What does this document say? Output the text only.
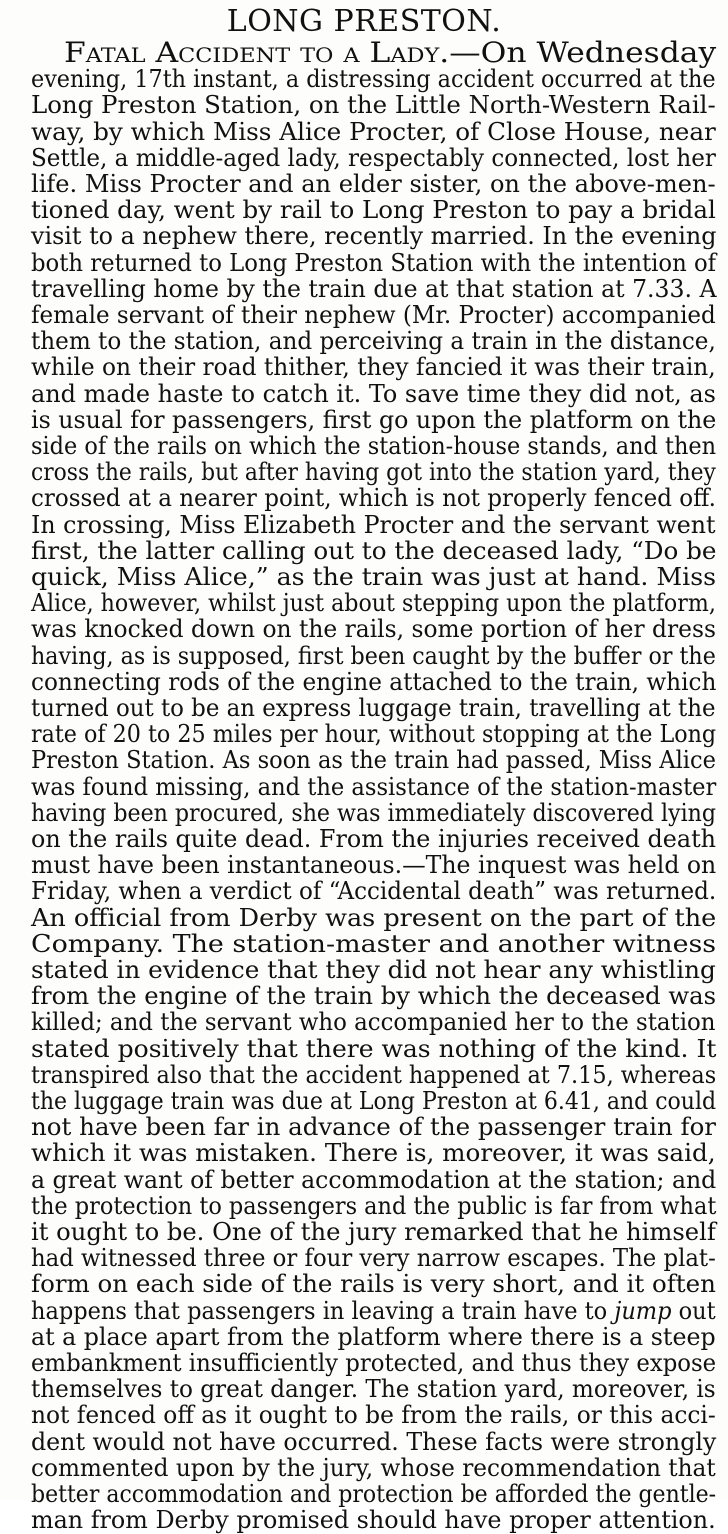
LONG PRESTON.
Fatal Accident to a Lady.—On Wednesday
evening, 17th instant, a distressing accident occurred at the
Long Preston Station, on the Little North-Western Rail-
way, by which Miss Alice Procter, of Close House, near
Settle, a middle-aged lady, respectably connected, lost her
life. Miss Procter and an elder sister, on the above-men-
tioned day, went by rail to Long Preston to pay a bridal
visit to a nephew there, recently married. In the evening
both returned to Long Preston Station with the intention of
travelling home by the train due at that station at 7.33. A
female servant of their nephew (Mr. Procter) accompanied
them to the station, and perceiving a train in the distance,
while on their road thither, they fancied it was their train,
and made haste to catch it. To save time they did not, as
is usual for passengers, first go upon the platform on the
side of the rails on which the station-house stands, and then
cross the rails, but after having got into the station yard, they
crossed at a nearer point, which is not properly fenced off.
In crossing, Miss Elizabeth Procter and the servant went
first, the latter calling out to the deceased lady, “Do be
quick, Miss Alice,” as the train was just at hand. Miss
Alice, however, whilst just about stepping upon the platform,
was knocked down on the rails, some portion of her dress
having, as is supposed, first been caught by the buffer or the
connecting rods of the engine attached to the train, which
turned out to be an express luggage train, travelling at the
rate of 20 to 25 miles per hour, without stopping at the Long
Preston Station. As soon as the train had passed, Miss Alice
was found missing, and the assistance of the station-master
having been procured, she was immediately discovered lying
on the rails quite dead. From the injuries received death
must have been instantaneous.—The inquest was held on
Friday, when a verdict of “Accidental death” was returned.
An official from Derby was present on the part of the
Company. The station-master and another witness
stated in evidence that they did not hear any whistling
from the engine of the train by which the deceased was
killed; and the servant who accompanied her to the station
stated positively that there was nothing of the kind. It
transpired also that the accident happened at 7.15, whereas
the luggage train was due at Long Preston at 6.41, and could
not have been far in advance of the passenger train for
which it was mistaken. There is, moreover, it was said,
a great want of better accommodation at the station; and
the protection to passengers and the public is far from what
it ought to be. One of the jury remarked that he himself
had witnessed three or four very narrow escapes. The plat-
form on each side of the rails is very short, and it often
happens that passengers in leaving a train have to jump out
at a place apart from the platform where there is a steep
embankment insufficiently protected, and thus they expose
themselves to great danger. The station yard, moreover, is
not fenced off as it ought to be from the rails, or this acci-
dent would not have occurred. These facts were strongly
commented upon by the jury, whose recommendation that
better accommodation and protection be afforded the gentle-
man from Derby promised should have proper attention.
